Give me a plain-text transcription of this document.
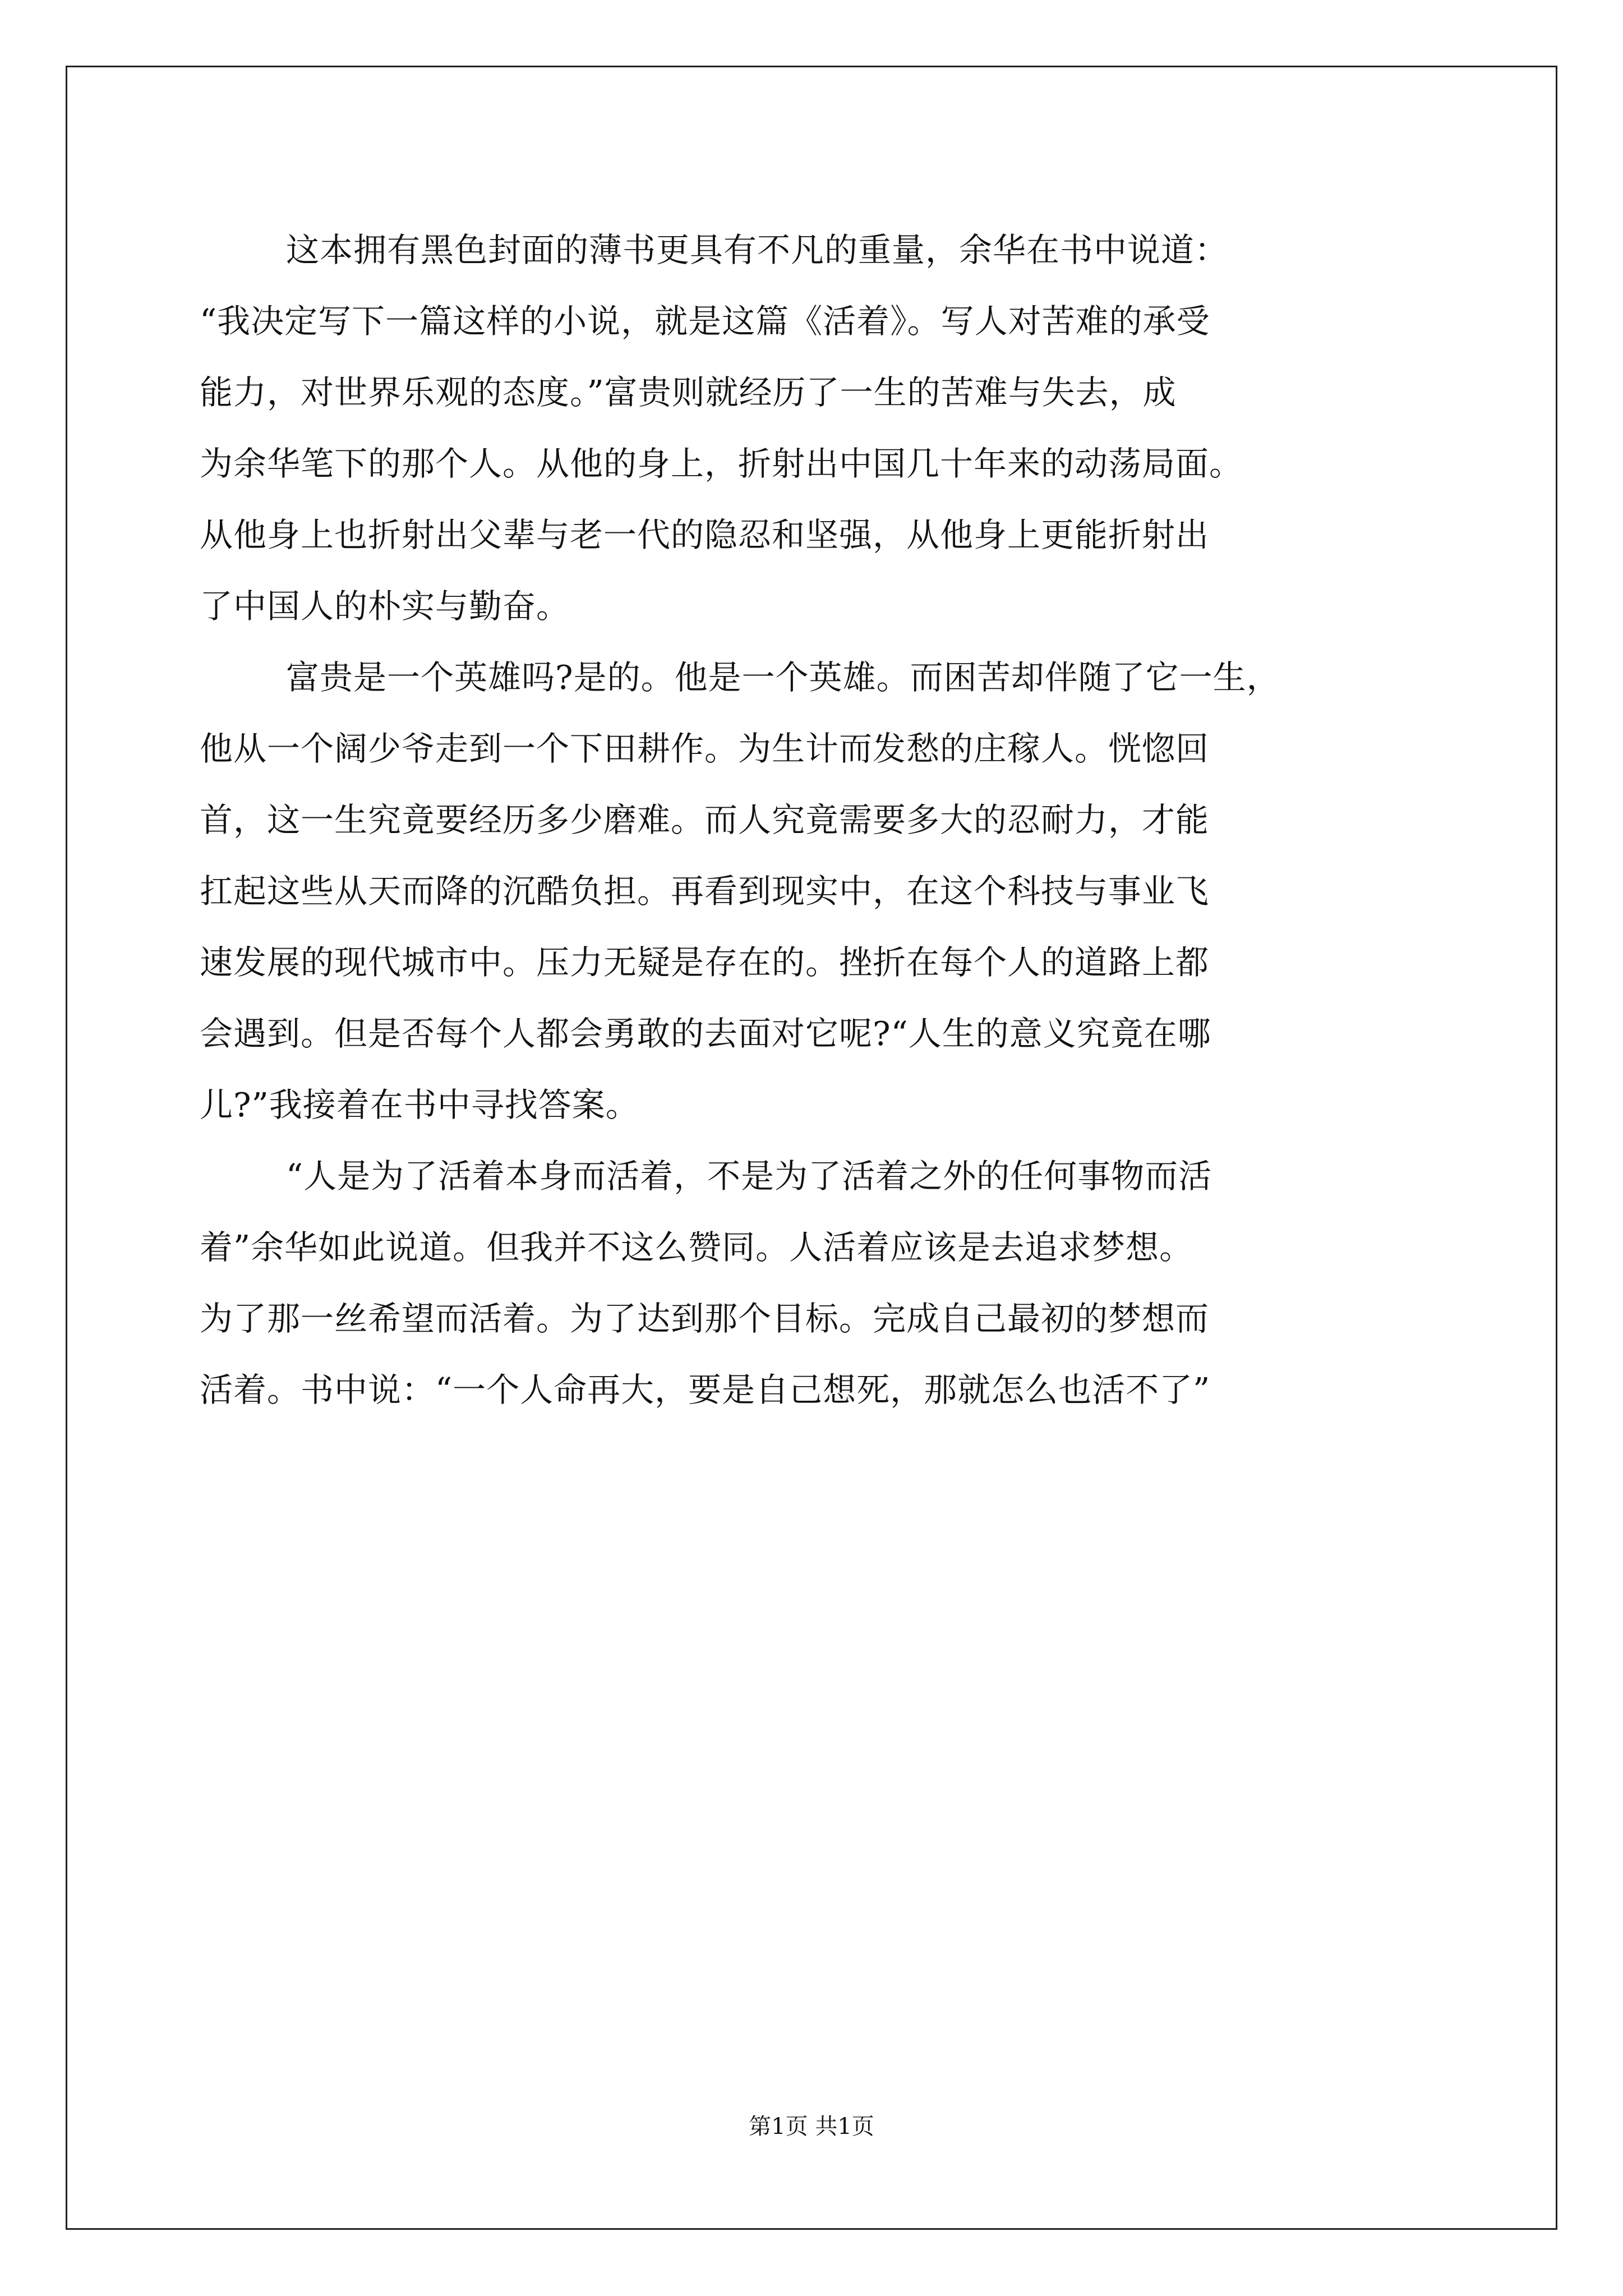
这本拥有黑色封面的薄书更具有不凡的重量，余华在书中说道：
“我决定写下一篇这样的小说，就是这篇《活着》。写人对苦难的承受
能力，对世界乐观的态度。”富贵则就经历了一生的苦难与失去，成
为余华笔下的那个人。从他的身上，折射出中国几十年来的动荡局面。
从他身上也折射出父辈与老一代的隐忍和坚强，从他身上更能折射出
了中国人的朴实与勤奋。
富贵是一个英雄吗?是的。他是一个英雄。而困苦却伴随了它一生，
他从一个阔少爷走到一个下田耕作。为生计而发愁的庄稼人。恍惚回
首，这一生究竟要经历多少磨难。而人究竟需要多大的忍耐力，才能
扛起这些从天而降的沉酷负担。再看到现实中，在这个科技与事业飞
速发展的现代城市中。压力无疑是存在的。挫折在每个人的道路上都
会遇到。但是否每个人都会勇敢的去面对它呢?“人生的意义究竟在哪
儿?”我接着在书中寻找答案。
“人是为了活着本身而活着，不是为了活着之外的任何事物而活
着”余华如此说道。但我并不这么赞同。人活着应该是去追求梦想。
为了那一丝希望而活着。为了达到那个目标。完成自己最初的梦想而
活着。书中说：“一个人命再大，要是自己想死，那就怎么也活不了”
第1页 共1页
